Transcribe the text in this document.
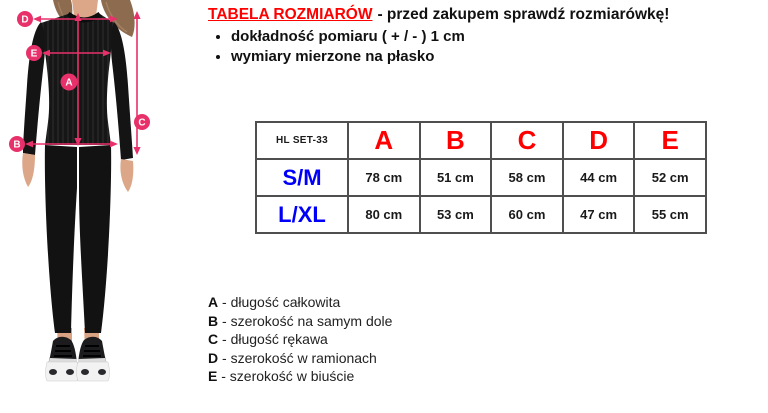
D
E
A
B
C
TABELA ROZMIARÓW - przed zakupem sprawdź rozmiarówkę!
• dokładność pomiaru ( + / - ) 1 cm
• wymiary mierzone na płasko
HL SET-33	A	B	C	D	E
S/M	78 cm	51 cm	58 cm	44 cm	52 cm
L/XL	80 cm	53 cm	60 cm	47 cm	55 cm
A - długość całkowita
B - szerokość na samym dole
C - długość rękawa
D - szerokość w ramionach
E - szerokość w biuście
